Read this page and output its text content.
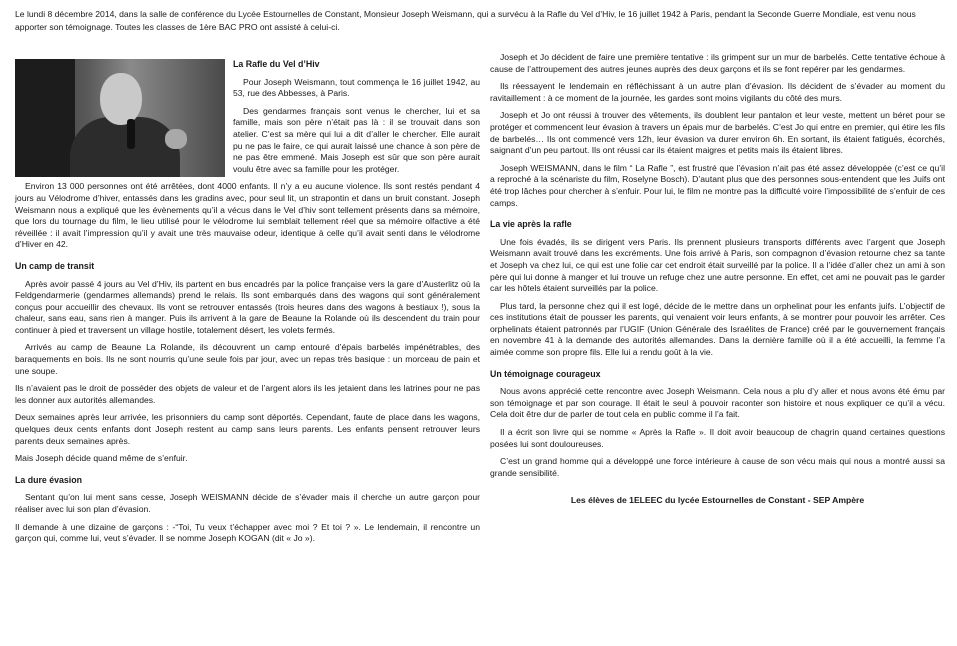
Le lundi 8 décembre 2014, dans la salle de conférence du Lycée Estournelles de Constant, Monsieur Joseph Weismann, qui a survécu à la Rafle du Vel d’Hiv, le 16 juillet 1942 à Paris, pendant la Seconde Guerre Mondiale, est venu nous apporter son témoignage. Toutes les classes de 1ère BAC PRO ont assisté à celui-ci.
La Rafle du Vel d’Hiv

Pour Joseph Weismann, tout commença le 16 juillet 1942, au 53, rue des Abbesses, à Paris.

Des gendarmes français sont venus le chercher, lui et sa famille, mais son père n’était pas là : il se trouvait dans son atelier. C’est sa mère qui lui a dit d’aller le chercher. Elle aurait pu ne pas le faire, ce qui aurait laissé une chance à son père de ne pas être emmené. Mais Joseph est sûr que son père aurait voulu être avec sa famille pour les protéger.

Environ 13 000 personnes ont été arrêtées, dont 4000 enfants. Il n’y a eu aucune violence. Ils sont restés pendant 4 jours au Vélodrome d’hiver, entassés dans les gradins avec, pour seul lit, un strapontin et dans un bruit constant. Joseph Weismann nous a expliqué que les évènements qu’il a vécus dans le Vel d’hiv sont tellement présents dans sa mémoire, que lors du tournage du film, le lieu utilisé pour le vélodrome lui semblait tellement réel que sa mémoire olfactive a été réveillée : il avait l’impression qu’il y avait une très mauvaise odeur, identique à celle qu’il avait senti dans le vélodrome d’Hiver en 42.

Un camp de transit

Après avoir passé 4 jours au Vel d’Hiv, ils partent en bus encadrés par la police française vers la gare d’Austerlitz où la Feldgendarmerie (gendarmes allemands) prend le relais. Ils sont embarqués dans des wagons qui sont généralement conçus pour accueillir des chevaux. Ils vont se retrouver entassés (trois heures dans des wagons à bestiaux !), sous la chaleur, sans eau, sans rien à manger. Puis ils arrivent à la gare de Beaune la Rolande où ils descendent du train pour continuer à pied et traversent un village hostile, totalement désert, les volets fermés.

Arrivés au camp de Beaune La Rolande, ils découvrent un camp entouré d’épais barbelés impénétrables, des baraquements en bois. Ils ne sont nourris qu’une seule fois par jour, avec un repas très basique : un morceau de pain et une soupe.

Ils n’avaient pas le droit de posséder des objets de valeur et de l’argent alors ils les jetaient dans les latrines pour ne pas les donner aux autorités allemandes.

Deux semaines après leur arrivée, les prisonniers du camp sont déportés. Cependant, faute de place dans les wagons, quelques deux cents enfants dont Joseph restent au camp sans leurs parents. Les enfants pensent retrouver leurs parents deux semaines après.

Mais Joseph décide quand même de s’enfuir.

La dure évasion

Sentant qu’on lui ment sans cesse, Joseph WEISMANN décide de s’évader mais il cherche un autre garçon pour réaliser avec lui son plan d’évasion.

Il demande à une dizaine de garçons : -“Toi, Tu veux t’échapper avec moi ? Et toi ? ». Le lendemain, il rencontre un garçon qui, comme lui, veut s’évader. Il se nomme Joseph KOGAN (dit « Jo »).

Joseph et Jo décident de faire une première tentative : ils grimpent sur un mur de barbelés. Cette tentative échoue à cause de l’attroupement des autres jeunes auprès des deux garçons et ils se font repérer par les gendarmes.

Ils réessayent le lendemain en réfléchissant à un autre plan d’évasion. Ils décident de s’évader au moment du ravitaillement : à ce moment de la journée, les gardes sont moins vigilants du côté des murs.

Joseph et Jo ont réussi à trouver des vêtements, ils doublent leur pantalon et leur veste, mettent un béret pour se protéger et commencent leur évasion à travers un épais mur de barbelés. C’est Jo qui entre en premier, qui étire les fils de barbelés… Ils ont commencé vers 12h, leur évasion va durer environ 6h. En sortant, ils étaient fatigués, écorchés, saignant d’un peu partout. Ils ont réussi car ils étaient maigres et petits mais ils étaient libres.

Joseph WEISMANN, dans le film “ La Rafle ”, est frustré que l’évasion n’ait pas été assez développée (c’est ce qu’il a reproché à la scénariste du film, Roselyne Bosch). D’autant plus que des personnes sous-entendent que les Juifs ont été trop lâches pour chercher à s’enfuir. Pour lui, le film ne montre pas la difficulté voire l’impossibilité de s’enfuir de ces camps.

La vie après la rafle

Une fois évadés, ils se dirigent vers Paris. Ils prennent plusieurs transports différents avec l’argent que Joseph Weismann avait trouvé dans les excréments. Une fois arrivé à Paris, son compagnon d’évasion retourne chez sa tante et Joseph va chez lui, ce qui est une folie car cet endroit était surveillé par la police. Il a l’idée d’aller chez un ami à son père qui lui donne à manger et lui trouve un refuge chez une autre personne. En effet, cet ami ne pouvait pas le garder car les hôtels étaient surveillés par la police.

Plus tard, la personne chez qui il est logé, décide de le mettre dans un orphelinat pour les enfants juifs. L’objectif de ces institutions était de pousser les parents, qui venaient voir leurs enfants, à se montrer pour pouvoir les arrêter. Ces orphelinats étaient patronnés par l’UGIF (Union Générale des Israélites de France) créé par le gouvernement français en novembre 41 à la demande des autorités allemandes. Dans la dernière famille où il a été accueilli, la femme l’a aimée comme son propre fils. Elle lui a rendu goût à la vie.

Un témoignage courageux

Nous avons apprécié cette rencontre avec Joseph Weismann. Cela nous a plu d’y aller et nous avons été ému par son témoignage et par son courage. Il était le seul à pouvoir raconter son histoire et nous expliquer ce qu’il a vécu. Cela doit être dur de parler de tout cela en public comme il l’a fait.

Il a écrit son livre qui se nomme « Après la Rafle ». Il doit avoir beaucoup de chagrin quand certaines questions posées lui sont douloureuses.

C’est un grand homme qui a développé une force intérieure à cause de son vécu mais qui nous a montré aussi sa grande sensibilité.

Les élèves de 1ELEEC du lycée Estournelles de Constant - SEP Ampère
